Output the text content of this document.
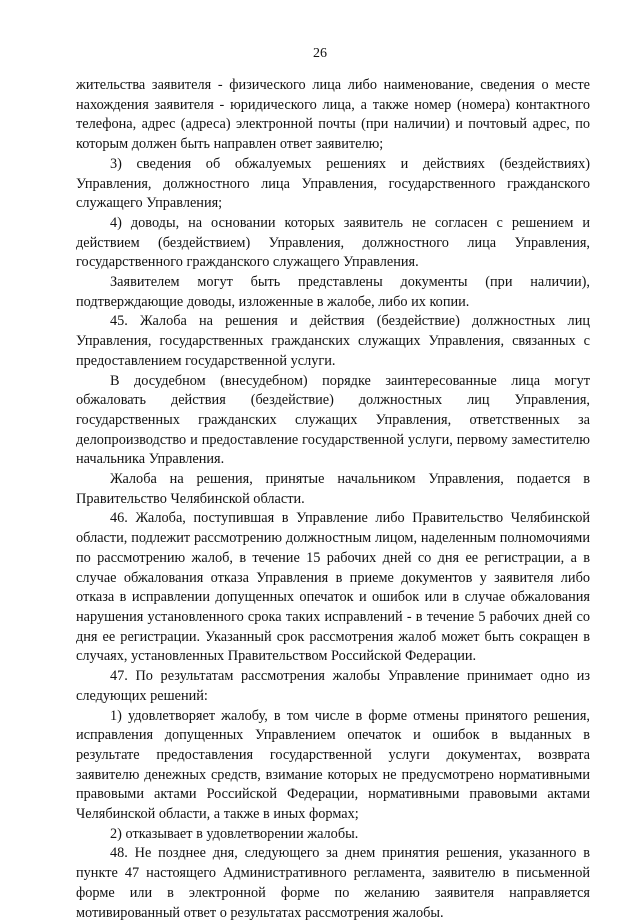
26

жительства заявителя - физического лица либо наименование, сведения о месте нахождения заявителя - юридического лица, а также номер (номера) контактного телефона, адрес (адреса) электронной почты (при наличии) и почтовый адрес, по которым должен быть направлен ответ заявителю;

3) сведения об обжалуемых решениях и действиях (бездействиях) Управления, должностного лица Управления, государственного гражданского служащего Управления;

4) доводы, на основании которых заявитель не согласен с решением и действием (бездействием) Управления, должностного лица Управления, государственного гражданского служащего Управления.

Заявителем могут быть представлены документы (при наличии), подтверждающие доводы, изложенные в жалобе, либо их копии.

45. Жалоба на решения и действия (бездействие) должностных лиц Управления, государственных гражданских служащих Управления, связанных с предоставлением государственной услуги.

В досудебном (внесудебном) порядке заинтересованные лица могут обжаловать действия (бездействие) должностных лиц Управления, государственных гражданских служащих Управления, ответственных за делопроизводство и предоставление государственной услуги, первому заместителю начальника Управления.

Жалоба на решения, принятые начальником Управления, подается в Правительство Челябинской области.

46. Жалоба, поступившая в Управление либо Правительство Челябинской области, подлежит рассмотрению должностным лицом, наделенным полномочиями по рассмотрению жалоб, в течение 15 рабочих дней со дня ее регистрации, а в случае обжалования отказа Управления в приеме документов у заявителя либо отказа в исправлении допущенных опечаток и ошибок или в случае обжалования нарушения установленного срока таких исправлений - в течение 5 рабочих дней со дня ее регистрации. Указанный срок рассмотрения жалоб может быть сокращен в случаях, установленных Правительством Российской Федерации.

47. По результатам рассмотрения жалобы Управление принимает одно из следующих решений:

1) удовлетворяет жалобу, в том числе в форме отмены принятого решения, исправления допущенных Управлением опечаток и ошибок в выданных в результате предоставления государственной услуги документах, возврата заявителю денежных средств, взимание которых не предусмотрено нормативными правовыми актами Российской Федерации, нормативными правовыми актами Челябинской области, а также в иных формах;

2) отказывает в удовлетворении жалобы.

48. Не позднее дня, следующего за днем принятия решения, указанного в пункте 47 настоящего Административного регламента, заявителю в письменной форме или в электронной форме по желанию заявителя направляется мотивированный ответ о результатах рассмотрения жалобы.
